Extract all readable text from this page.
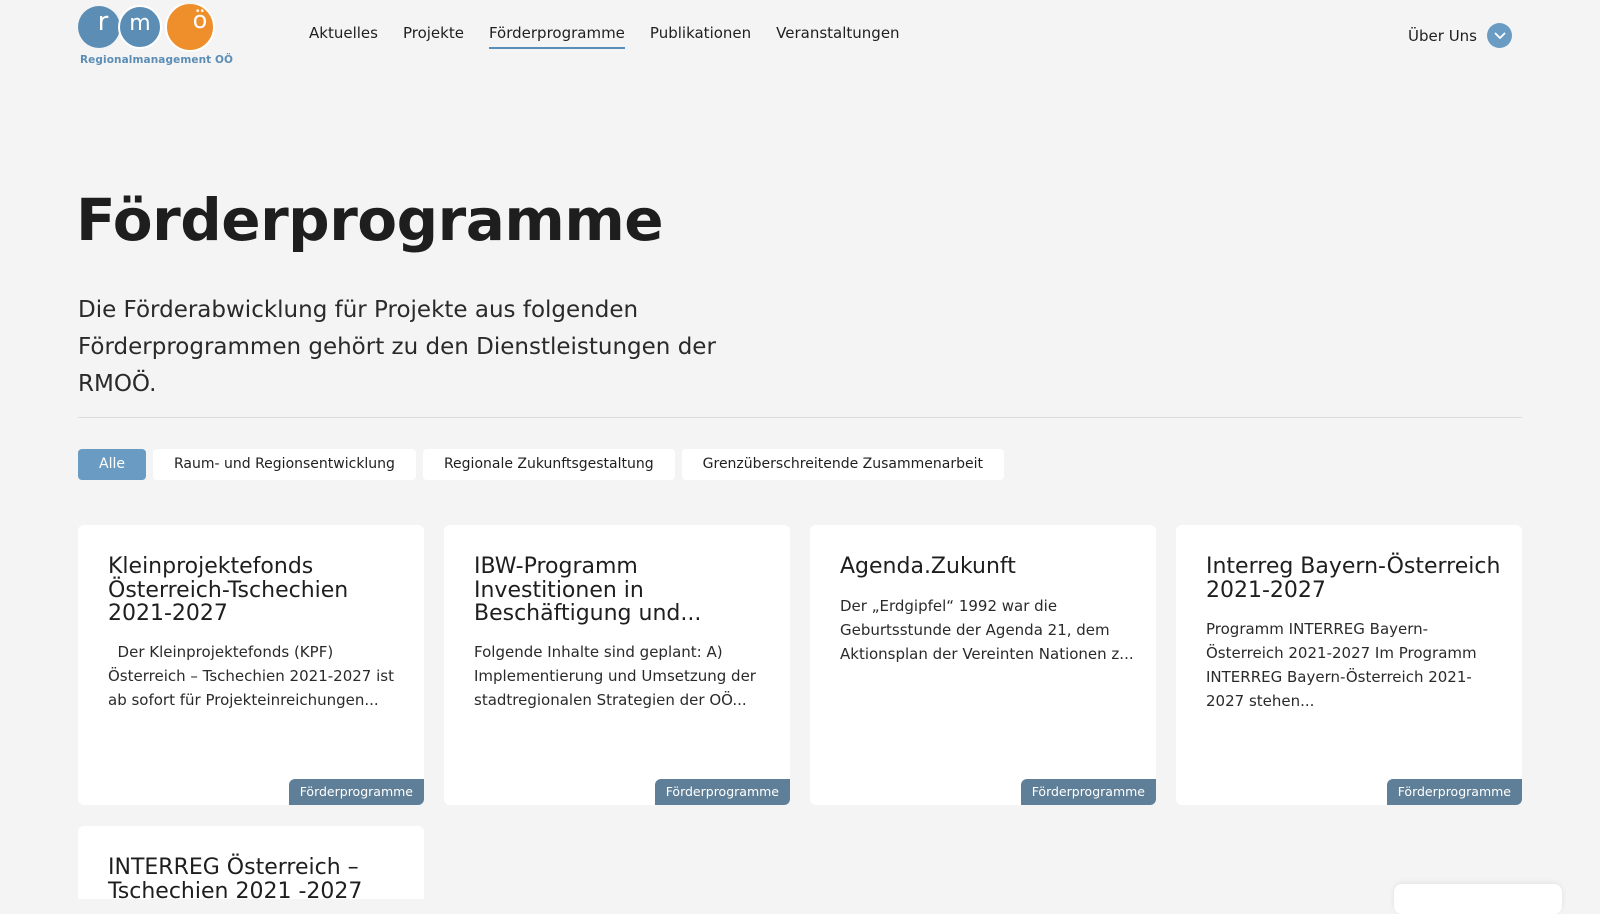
r m ö
Regionalmanagement OÖ
Aktuelles Projekte Förderprogramme Publikationen Veranstaltungen	Über Uns
Förderprogramme

Die Förderabwicklung für Projekte aus folgenden
Förderprogrammen gehört zu den Dienstleistungen der RMOÖ.

Alle	Raum- und Regionsentwicklung	Regionale Zukunftsgestaltung	Grenzüberschreitende Zusammenarbeit
Kleinprojektefonds Österreich-Tschechien 2021-2027

Der Kleinprojektefonds (KPF) Österreich – Tschechien 2021-2027 ist ab sofort für Projekteinreichungen...

Förderprogramme
IBW-Programm Investitionen in Beschäftigung und...

Folgende Inhalte sind geplant: A) Implementierung und Umsetzung der stadtregionalen Strategien der OÖ...

Förderprogramme
Agenda.Zukunft

Der „Erdgipfel“ 1992 war die Geburtsstunde der Agenda 21, dem Aktionsplan der Vereinten Nationen z...

Förderprogramme
Interreg Bayern-Österreich 2021-2027

Programm INTERREG Bayern-Österreich 2021-2027 Im Programm INTERREG Bayern-Österreich 2021-2027 stehen...

Förderprogramme
INTERREG Österreich – Tschechien 2021 -2027
